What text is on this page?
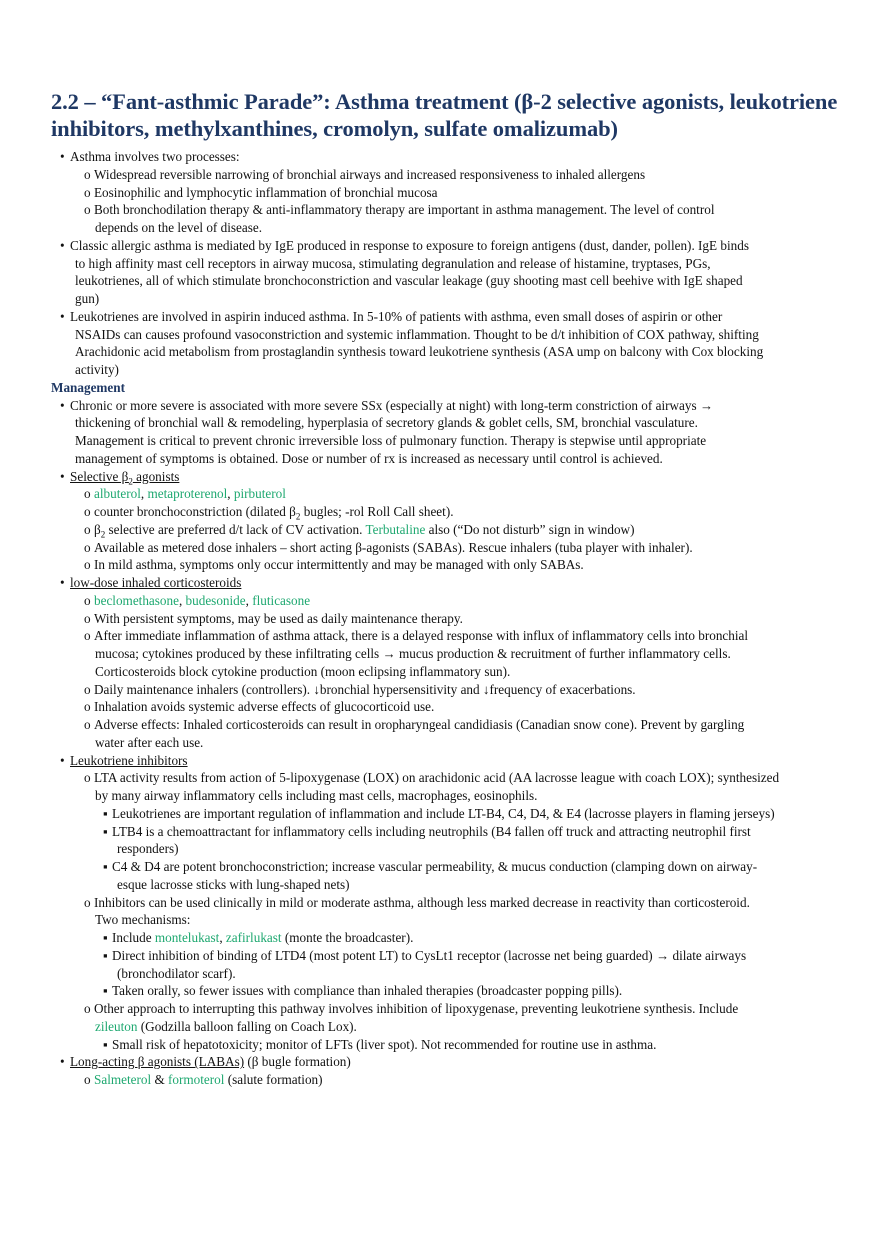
2.2 – “Fant-asthmic Parade”: Asthma treatment (β-2 selective agonists, leukotriene inhibitors, methylxanthines, cromolyn, sulfate omalizumab)
• Asthma involves two processes:
o Widespread reversible narrowing of bronchial airways and increased responsiveness to inhaled allergens
o Eosinophilic and lymphocytic inflammation of bronchial mucosa
o Both bronchodilation therapy & anti-inflammatory therapy are important in asthma management. The level of control
depends on the level of disease.
• Classic allergic asthma is mediated by IgE produced in response to exposure to foreign antigens (dust, dander, pollen). IgE binds
to high affinity mast cell receptors in airway mucosa, stimulating degranulation and release of histamine, tryptases, PGs,
leukotrienes, all of which stimulate bronchoconstriction and vascular leakage (guy shooting mast cell beehive with IgE shaped
gun)
• Leukotrienes are involved in aspirin induced asthma. In 5-10% of patients with asthma, even small doses of aspirin or other
NSAIDs can causes profound vasoconstriction and systemic inflammation. Thought to be d/t inhibition of COX pathway, shifting
Arachidonic acid metabolism from prostaglandin synthesis toward leukotriene synthesis (ASA ump on balcony with Cox blocking
activity)
Management
• Chronic or more severe is associated with more severe SSx (especially at night) with long-term constriction of airways →
thickening of bronchial wall & remodeling, hyperplasia of secretory glands & goblet cells, SM, bronchial vasculature.
Management is critical to prevent chronic irreversible loss of pulmonary function. Therapy is stepwise until appropriate
management of symptoms is obtained. Dose or number of rx is increased as necessary until control is achieved.
• Selective $\beta_2$ agonists
o albuterol, metaproterenol, pirbuterol
o counter bronchoconstriction (dilated $\beta_2$ bugles; -rol Roll Call sheet).
o $\beta_2$ selective are preferred d/t lack of CV activation. Terbutaline also (“Do not disturb” sign in window)
o Available as metered dose inhalers – short acting β-agonists (SABAs). Rescue inhalers (tuba player with inhaler).
o In mild asthma, symptoms only occur intermittently and may be managed with only SABAs.
• low-dose inhaled corticosteroids
o beclomethasone, budesonide, fluticasone
o With persistent symptoms, may be used as daily maintenance therapy.
o After immediate inflammation of asthma attack, there is a delayed response with influx of inflammatory cells into bronchial
mucosa; cytokines produced by these infiltrating cells → mucus production & recruitment of further inflammatory cells.
Corticosteroids block cytokine production (moon eclipsing inflammatory sun).
o Daily maintenance inhalers (controllers). ↓bronchial hypersensitivity and ↓frequency of exacerbations.
o Inhalation avoids systemic adverse effects of glucocorticoid use.
o Adverse effects: Inhaled corticosteroids can result in oropharyngeal candidiasis (Canadian snow cone). Prevent by gargling
water after each use.
• Leukotriene inhibitors
o LTA activity results from action of 5-lipoxygenase (LOX) on arachidonic acid (AA lacrosse league with coach LOX); synthesized
by many airway inflammatory cells including mast cells, macrophages, eosinophils.
▪ Leukotrienes are important regulation of inflammation and include LT-B4, C4, D4, & E4 (lacrosse players in flaming jerseys)
▪ LTB4 is a chemoattractant for inflammatory cells including neutrophils (B4 fallen off truck and attracting neutrophil first
responders)
▪ C4 & D4 are potent bronchoconstriction; increase vascular permeability, & mucus conduction (clamping down on airway-
esque lacrosse sticks with lung-shaped nets)
o Inhibitors can be used clinically in mild or moderate asthma, although less marked decrease in reactivity than corticosteroid.
Two mechanisms:
▪ Include montelukast, zafirlukast (monte the broadcaster).
▪ Direct inhibition of binding of LTD4 (most potent LT) to CysLt1 receptor (lacrosse net being guarded) → dilate airways
(bronchodilator scarf).
▪ Taken orally, so fewer issues with compliance than inhaled therapies (broadcaster popping pills).
o Other approach to interrupting this pathway involves inhibition of lipoxygenase, preventing leukotriene synthesis. Include
zileuton (Godzilla balloon falling on Coach Lox).
▪ Small risk of hepatotoxicity; monitor of LFTs (liver spot). Not recommended for routine use in asthma.
• Long-acting β agonists (LABAs) (β bugle formation)
o Salmeterol & formoterol (salute formation)
